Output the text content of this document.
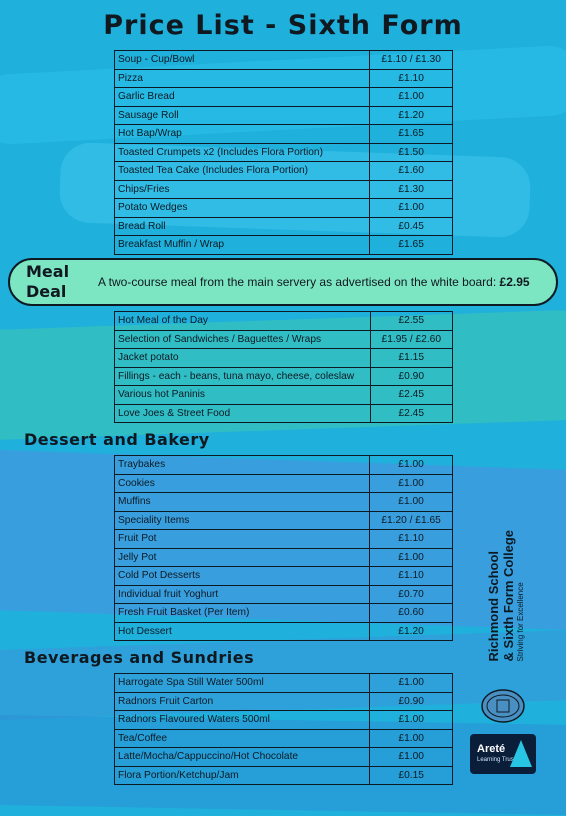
Price List - Sixth Form
Soup - Cup/Bowl	£1.10 / £1.30
Pizza	£1.10
Garlic Bread	£1.00
Sausage Roll	£1.20
Hot Bap/Wrap	£1.65
Toasted Crumpets x2 (Includes Flora Portion)	£1.50
Toasted Tea Cake (Includes Flora Portion)	£1.60
Chips/Fries	£1.30
Potato Wedges	£1.00
Bread Roll	£0.45
Breakfast Muffin / Wrap	£1.65
Meal Deal	A two-course meal from the main servery as advertised on the white board: £2.95
Hot Meal of the Day	£2.55
Selection of Sandwiches / Baguettes / Wraps	£1.95 / £2.60
Jacket potato	£1.15
Fillings - each - beans, tuna mayo, cheese, coleslaw	£0.90
Various hot Paninis	£2.45
Love Joes & Street Food	£2.45
Dessert and Bakery
Traybakes	£1.00
Cookies	£1.00
Muffins	£1.00
Speciality Items	£1.20 / £1.65
Fruit Pot	£1.10
Jelly Pot	£1.00
Cold Pot Desserts	£1.10
Individual fruit Yoghurt	£0.70
Fresh Fruit Basket (Per Item)	£0.60
Hot Dessert	£1.20
Beverages and Sundries
Harrogate Spa Still Water 500ml	£1.00
Radnors Fruit Carton	£0.90
Radnors Flavoured Waters 500ml	£1.00
Tea/Coffee	£1.00
Latte/Mocha/Cappuccino/Hot Chocolate	£1.00
Flora Portion/Ketchup/Jam	£0.15
Richmond School & Sixth Form College Striving for Excellence
Areté
Learning Trust
